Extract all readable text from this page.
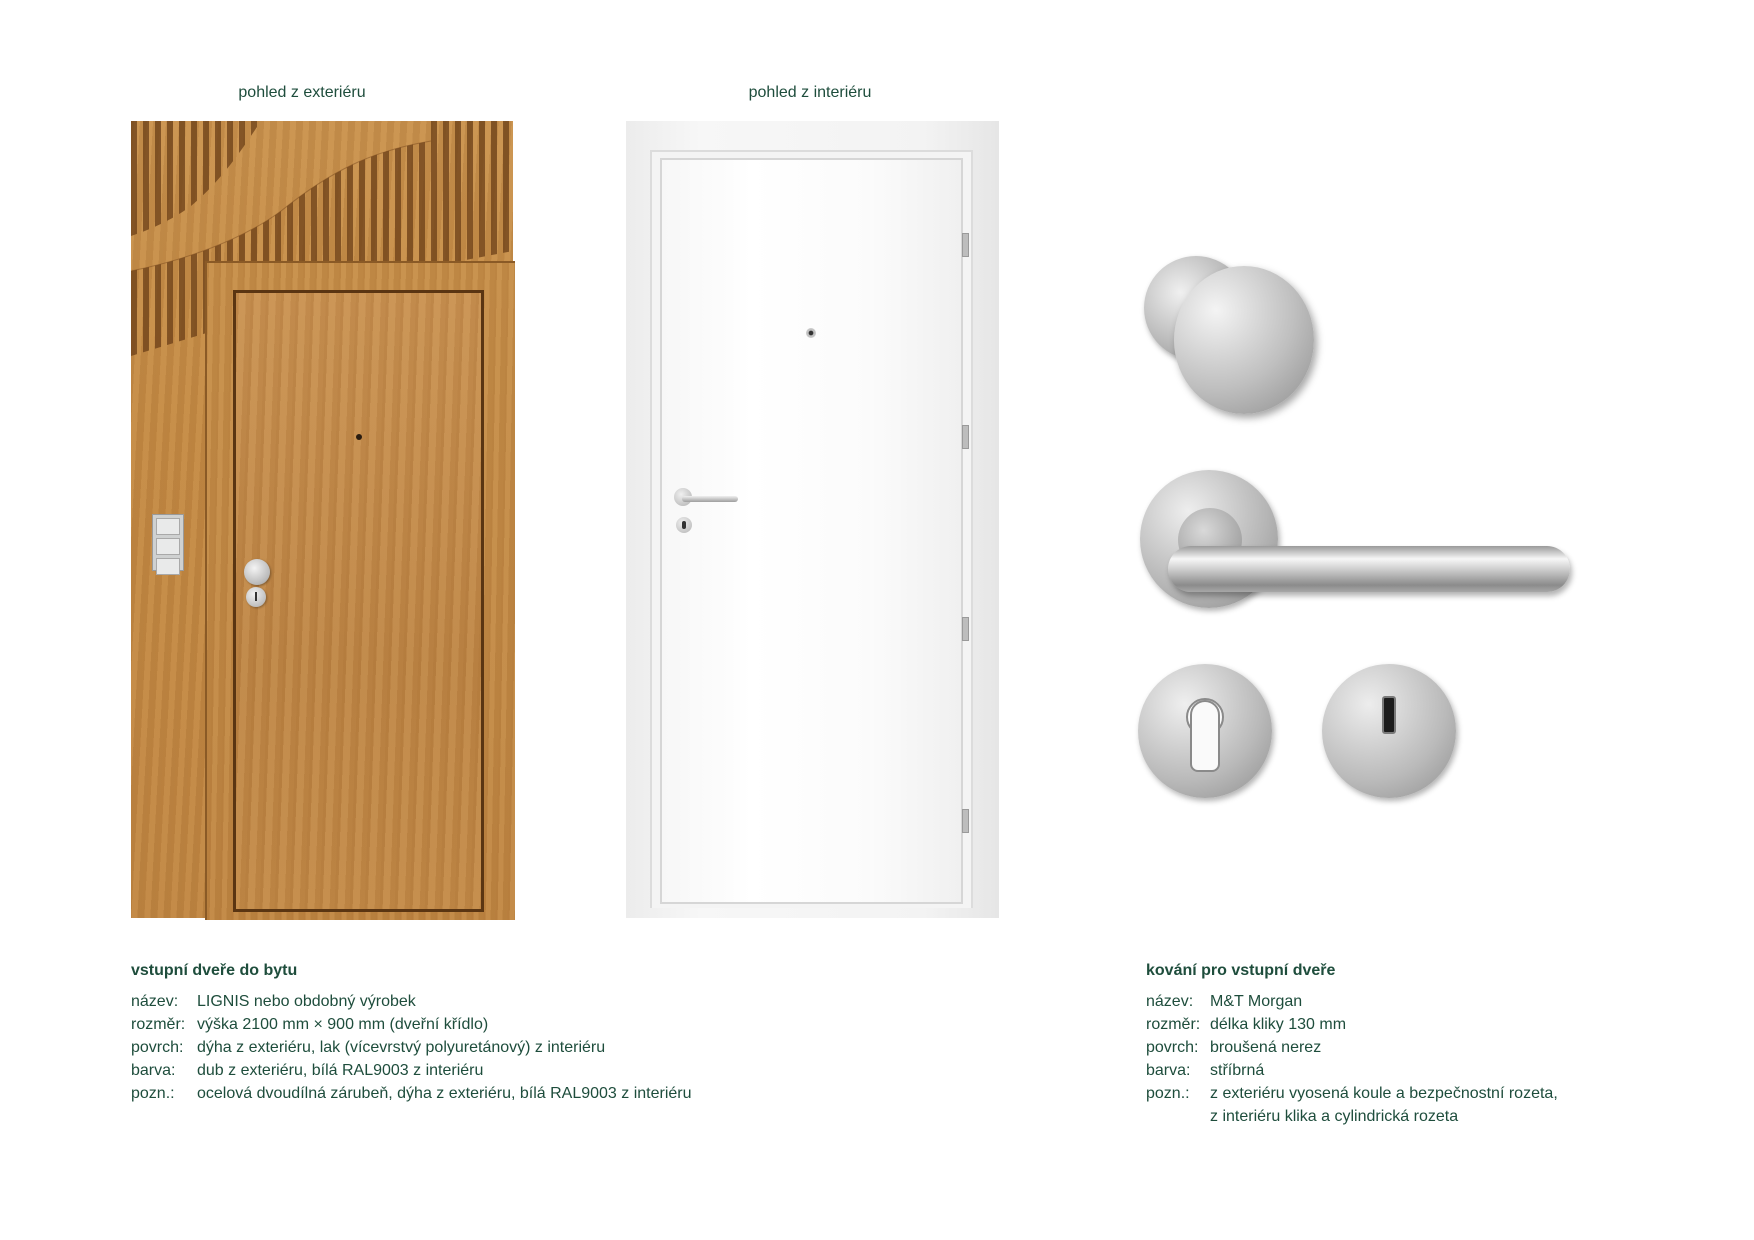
pohled z exteriéru	pohled z interiéru
vstupní dveře do bytu
název:	LIGNIS nebo obdobný výrobek
rozměr: výška 2100 mm × 900 mm (dveřní křídlo)
povrch: dýha z exteriéru, lak (vícevrstvý polyuretánový) z interiéru
barva:	dub z exteriéru, bílá RAL9003 z interiéru
pozn.:	ocelová dvoudílná zárubeň, dýha z exteriéru, bílá RAL9003 z interiéru
kování pro vstupní dveře
název:	M&T Morgan
rozměr: délka kliky 130 mm
povrch: broušená nerez
barva:	stříbrná
pozn.:	z exteriéru vyosená koule a bezpečnostní rozeta,
z interiéru klika a cylindrická rozeta
